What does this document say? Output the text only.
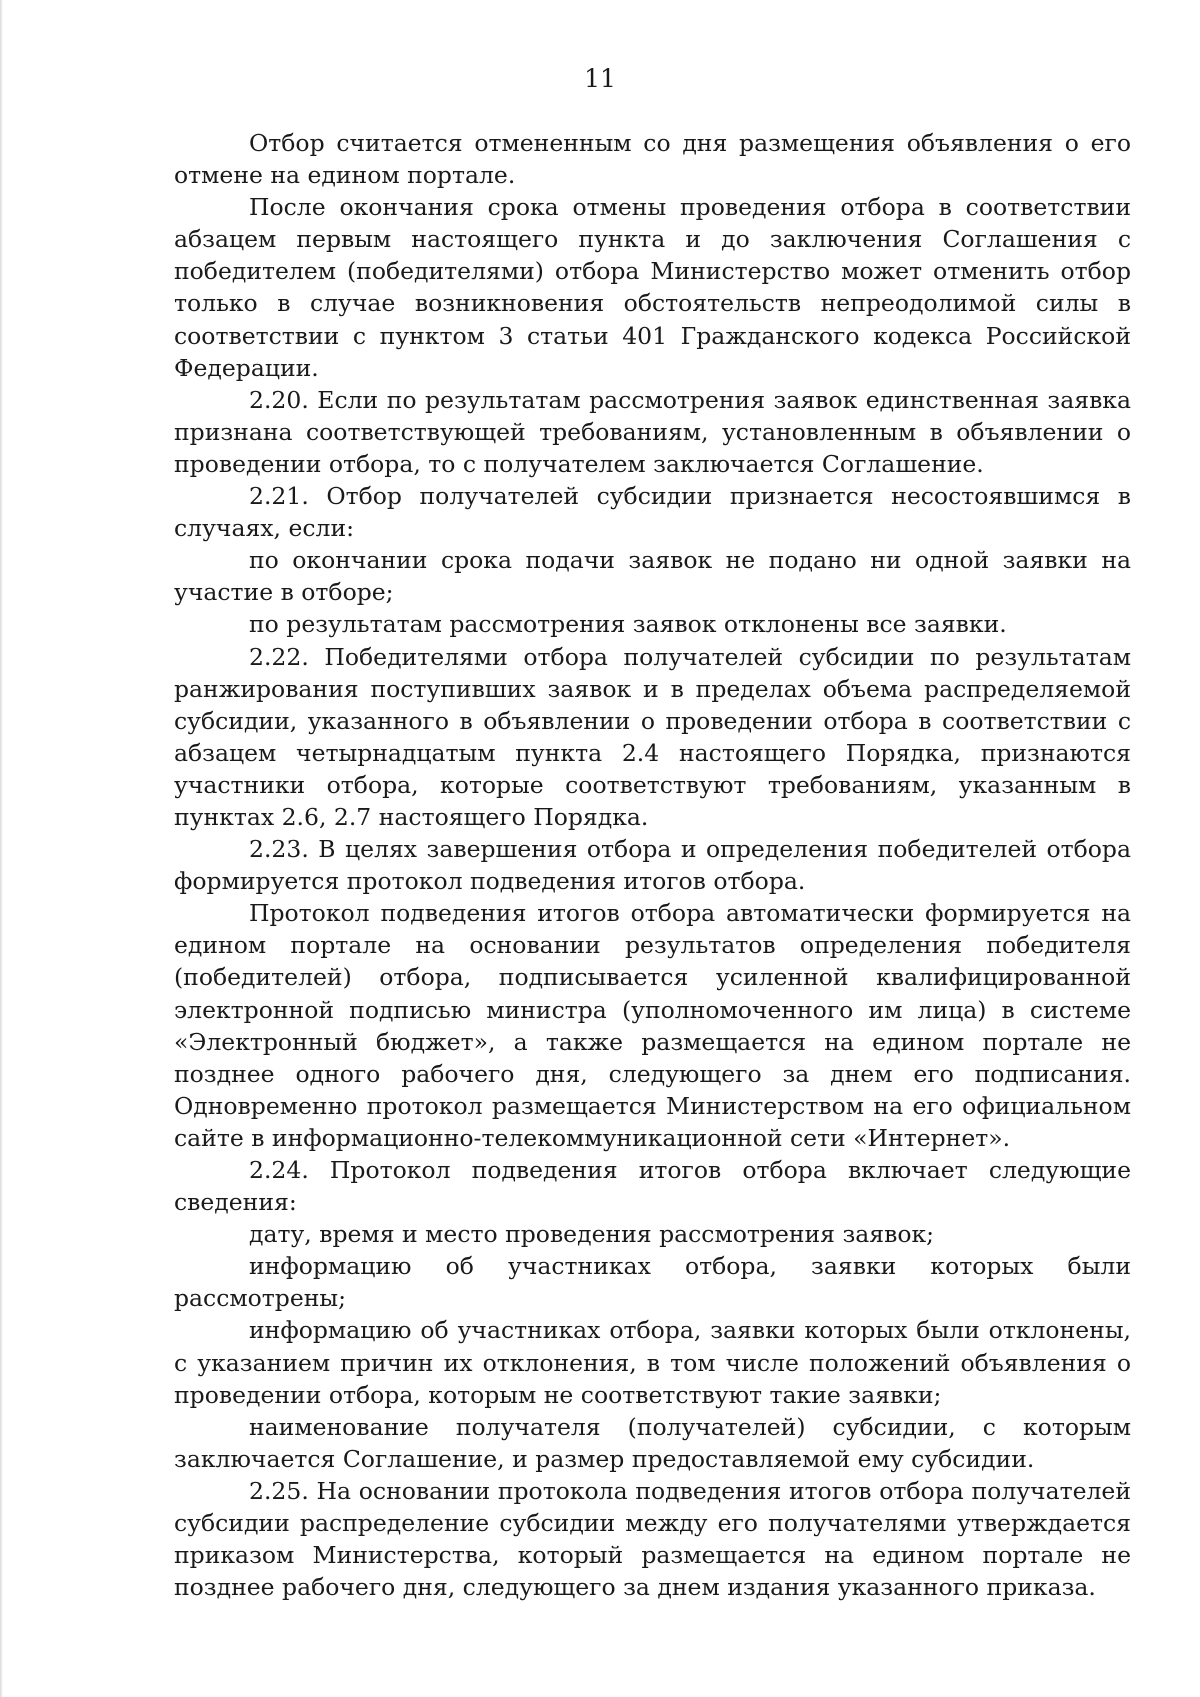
11

Отбор считается отмененным со дня размещения объявления о его отмене на едином портале.

После окончания срока отмены проведения отбора в соответствии абзацем первым настоящего пункта и до заключения Соглашения с победителем (победителями) отбора Министерство может отменить отбор только в случае возникновения обстоятельств непреодолимой силы в соответствии с пунктом 3 статьи 401 Гражданского кодекса Российской Федерации.

2.20. Если по результатам рассмотрения заявок единственная заявка признана соответствующей требованиям, установленным в объявлении о проведении отбора, то с получателем заключается Соглашение.

2.21. Отбор получателей субсидии признается несостоявшимся в случаях, если:

по окончании срока подачи заявок не подано ни одной заявки на участие в отборе;

по результатам рассмотрения заявок отклонены все заявки.

2.22. Победителями отбора получателей субсидии по результатам ранжирования поступивших заявок и в пределах объема распределяемой субсидии, указанного в объявлении о проведении отбора в соответствии с абзацем четырнадцатым пункта 2.4 настоящего Порядка, признаются участники отбора, которые соответствуют требованиям, указанным в пунктах 2.6, 2.7 настоящего Порядка.

2.23. В целях завершения отбора и определения победителей отбора формируется протокол подведения итогов отбора.

Протокол подведения итогов отбора автоматически формируется на едином портале на основании результатов определения победителя (победителей) отбора, подписывается усиленной квалифицированной электронной подписью министра (уполномоченного им лица) в системе «Электронный бюджет», а также размещается на едином портале не позднее одного рабочего дня, следующего за днем его подписания. Одновременно протокол размещается Министерством на его официальном сайте в информационно-телекоммуникационной сети «Интернет».

2.24. Протокол подведения итогов отбора включает следующие сведения:

дату, время и место проведения рассмотрения заявок;

информацию об участниках отбора, заявки которых были рассмотрены;

информацию об участниках отбора, заявки которых были отклонены, с указанием причин их отклонения, в том числе положений объявления о проведении отбора, которым не соответствуют такие заявки;

наименование получателя (получателей) субсидии, с которым заключается Соглашение, и размер предоставляемой ему субсидии.

2.25. На основании протокола подведения итогов отбора получателей субсидии распределение субсидии между его получателями утверждается приказом Министерства, который размещается на едином портале не позднее рабочего дня, следующего за днем издания указанного приказа.
